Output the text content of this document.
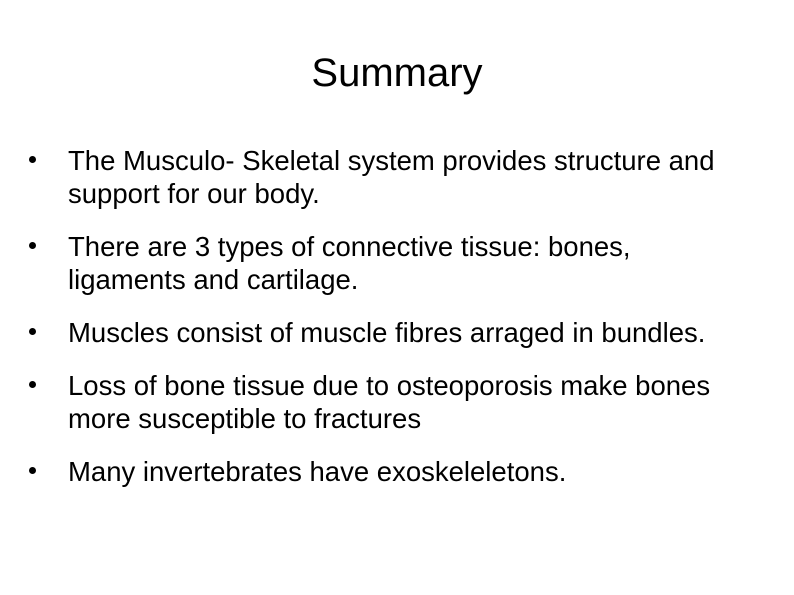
Summary
The Musculo- Skeletal system provides structure and support for our body.
There are 3 types of connective tissue: bones, ligaments and cartilage.
Muscles consist of muscle fibres arraged in bundles.
Loss of bone tissue due to osteoporosis make bones more susceptible to fractures
Many invertebrates have exoskeleletons.
